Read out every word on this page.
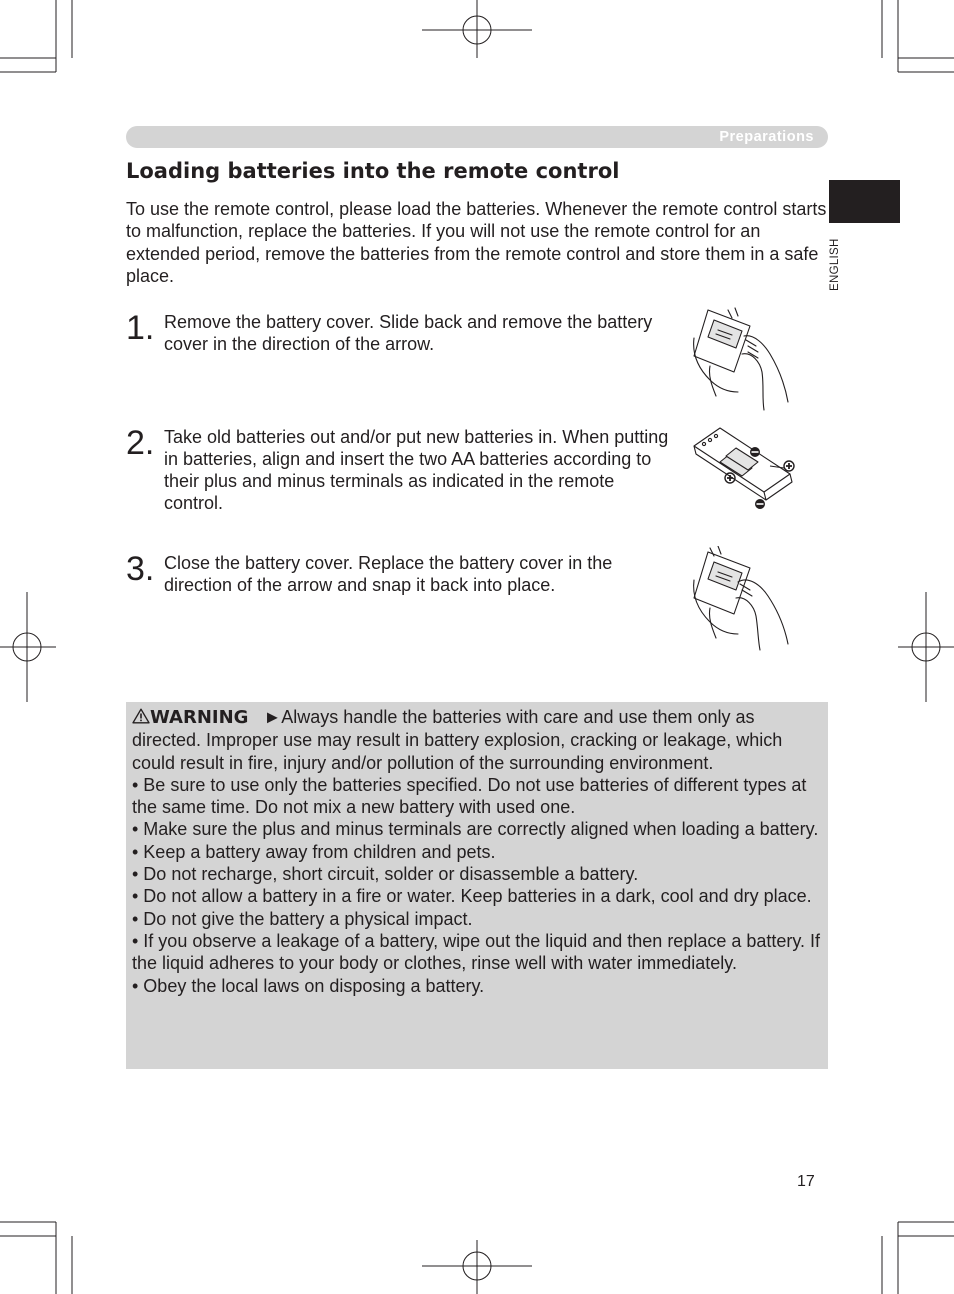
Preparations
ENGLISH
Loading batteries into the remote control

To use the remote control, please load the batteries. Whenever the remote control starts to malfunction, replace the batteries. If you will not use the remote control for an extended period, remove the batteries from the remote control and store them in a safe place.

1. Remove the battery cover. Slide back and remove the battery cover in the direction of the arrow.
2. Take old batteries out and/or put new batteries in. When putting in batteries, align and insert the two AA batteries according to their plus and minus terminals as indicated in the remote control.
3. Close the battery cover. Replace the battery cover in the direction of the arrow and snap it back into place.

WARNING ►Always handle the batteries with care and use them only as directed. Improper use may result in battery explosion, cracking or leakage, which could result in fire, injury and/or pollution of the surrounding environment.

• Be sure to use only the batteries specified. Do not use batteries of different types at the same time. Do not mix a new battery with used one.

• Make sure the plus and minus terminals are correctly aligned when loading a battery.

• Keep a battery away from children and pets.

• Do not recharge, short circuit, solder or disassemble a battery.

• Do not allow a battery in a fire or water. Keep batteries in a dark, cool and dry place.

• Do not give the battery a physical impact.

• If you observe a leakage of a battery, wipe out the liquid and then replace a battery. If the liquid adheres to your body or clothes, rinse well with water immediately.

• Obey the local laws on disposing a battery.

17
